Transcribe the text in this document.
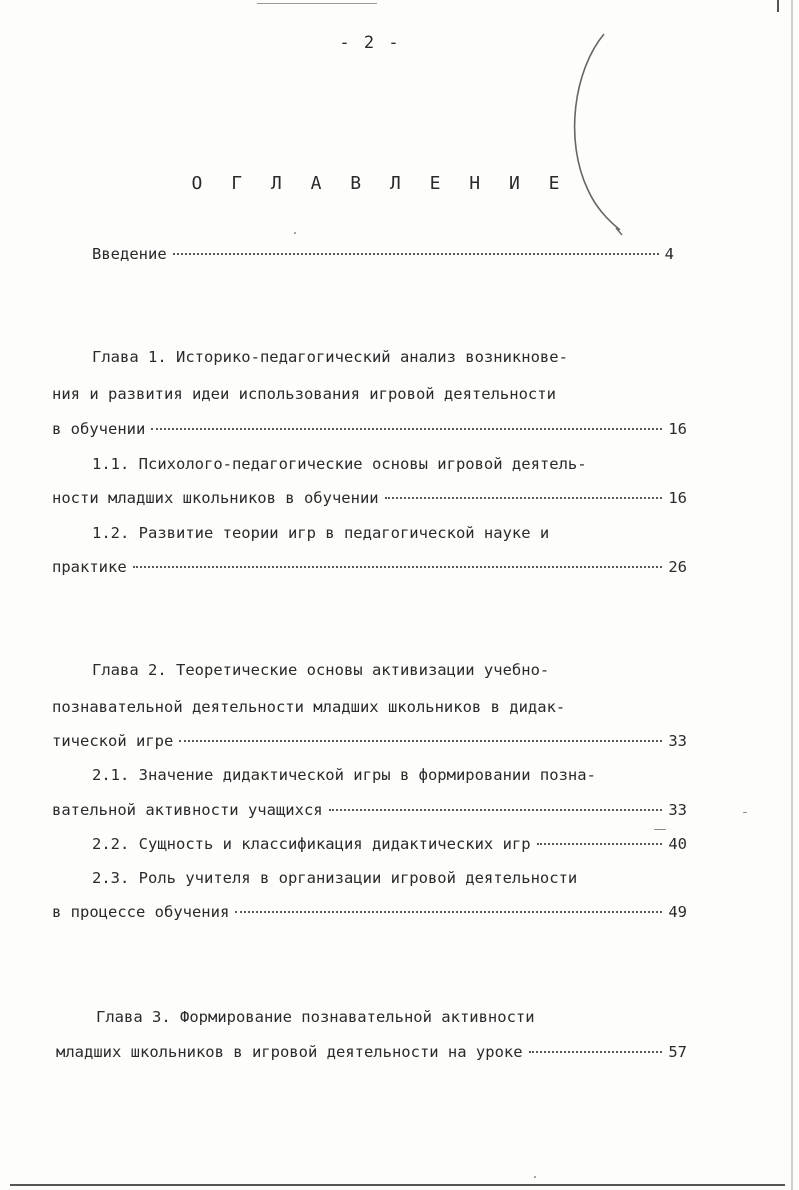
- 2 -
О Г Л А В Л Е Н И Е
Введение	4
Глава 1. Историко-педагогический анализ возникнове-
ния и развития идеи использования игровой деятельности
в обучении	16
1.1. Психолого-педагогические основы игровой деятель-
ности младших школьников в обучении	16
1.2. Развитие теории игр в педагогической науке и
практике	26
Глава 2. Теоретические основы активизации учебно-
познавательной деятельности младших школьников в дидак-
тической игре	33
2.1. Значение дидактической игры в формировании позна-
вательной активности учащихся	33
2.2. Сущность и классификация дидактических игр	40
2.3. Роль учителя в организации игровой деятельности
в процессе обучения	49
Глава 3. Формирование познавательной активности
младших школьников в игровой деятельности на уроке	57
